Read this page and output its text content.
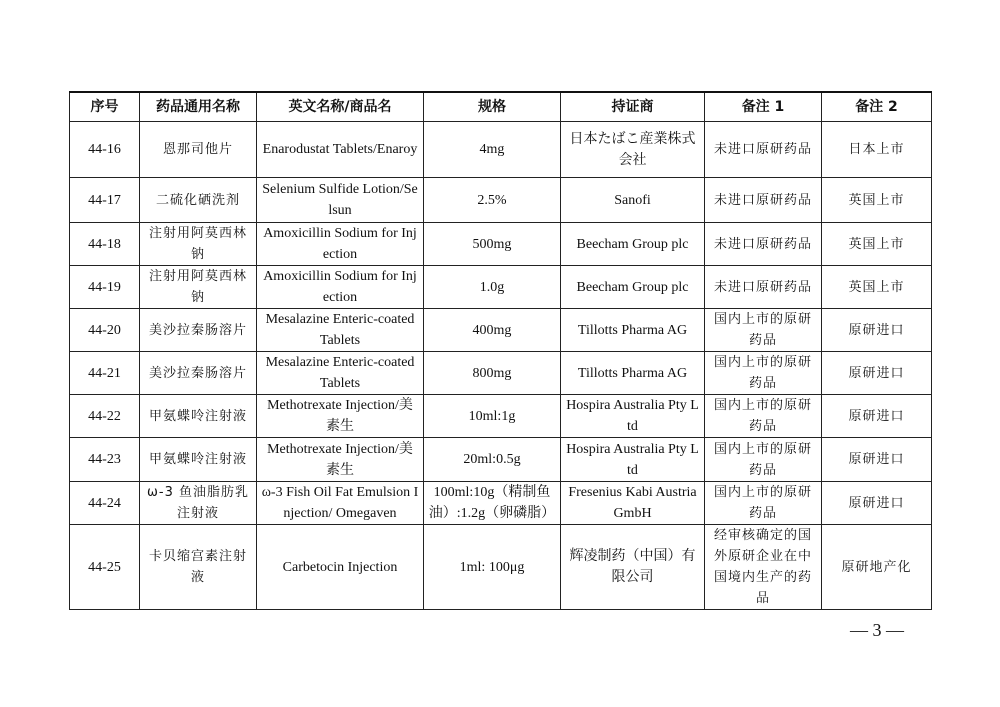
序号	药品通用名称	英文名称/商品名	规格	持证商	备注 1	备注 2
44-16	恩那司他片	Enarodustat Tablets/Enaroy	4mg	日本たばこ産業株式会社	未进口原研药品	日本上市
44-17	二硫化硒洗剂	Selenium Sulfide Lotion/Selsun	2.5%	Sanofi	未进口原研药品	英国上市
44-18	注射用阿莫西林钠	Amoxicillin Sodium for Injection	500mg	Beecham Group plc	未进口原研药品	英国上市
44-19	注射用阿莫西林钠	Amoxicillin Sodium for Injection	1.0g	Beecham Group plc	未进口原研药品	英国上市
44-20	美沙拉秦肠溶片	Mesalazine Enteric-coated Tablets	400mg	Tillotts Pharma AG	国内上市的原研药品	原研进口
44-21	美沙拉秦肠溶片	Mesalazine Enteric-coated Tablets	800mg	Tillotts Pharma AG	国内上市的原研药品	原研进口
44-22	甲氨蝶呤注射液	Methotrexate Injection/美素生	10ml:1g	Hospira Australia Pty Ltd	国内上市的原研药品	原研进口
44-23	甲氨蝶呤注射液	Methotrexate Injection/美素生	20ml:0.5g	Hospira Australia Pty Ltd	国内上市的原研药品	原研进口
44-24	ω-3 鱼油脂肪乳注射液	ω-3 Fish Oil Fat Emulsion Injection/ Omegaven	100ml:10g（精制鱼油）:1.2g（卵磷脂）	Fresenius Kabi Austria GmbH	国内上市的原研药品	原研进口
44-25	卡贝缩宫素注射液	Carbetocin Injection	1ml: 100μg	辉凌制药（中国）有限公司	经审核确定的国外原研企业在中国境内生产的药品	原研地产化
— 3 —
